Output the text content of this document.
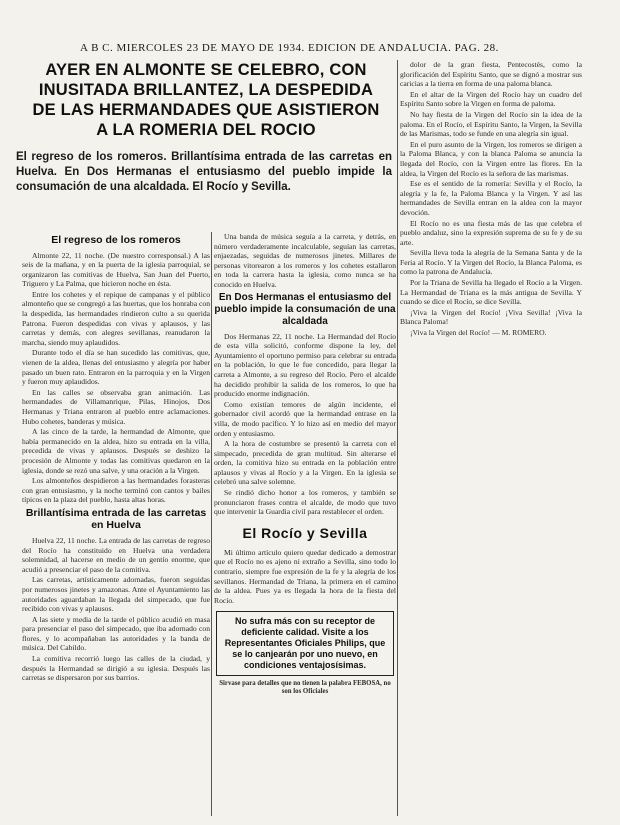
A B C. MIERCOLES 23 DE MAYO DE 1934. EDICION DE ANDALUCIA. PAG. 28.
AYER EN ALMONTE SE CELEBRO, CON
INUSITADA BRILLANTEZ, LA DESPEDIDA
DE LAS HERMANDADES QUE ASISTIERON
A LA ROMERIA DEL ROCIO
El regreso de los romeros. Brillantísima entrada de las carretas en Huelva. En Dos Hermanas el entusiasmo del pueblo impide la consumación de una alcaldada. El Rocío y Sevilla.
El regreso de los romeros

Almonte 22, 11 noche. (De nuestro corresponsal.) A las seis de la mañana, y en la puerta de la iglesia parroquial, se organizaron las comitivas de Huelva, San Juan del Puerto, Triguero y La Palma, que hicieron noche en ésta.

Entre los cohetes y el repique de campanas y el público almonteño que se congregó a las huertas, que los honraba con la despedida, las hermandades rindieron culto a su querida Patrona. Fueron despedidas con vivas y aplausos, y las carretas y demás, con alegres sevillanas, reanudaron la marcha, siendo muy aplaudidos.

Durante todo el día se han sucedido las comitivas, que, vienen de la aldea, llenas del entusiasmo y alegría por haber pasado un buen rato. Entraron en la parroquia y en la Virgen y fueron muy aplaudidos.

En las calles se observaba gran animación. Las hermandades de Villamanrique, Pilas, Hinojos, Dos Hermanas y Triana entraron al pueblo entre aclamaciones. Hubo cohetes, banderas y música.

A las cinco de la tarde, la hermandad de Almonte, que había permanecido en la aldea, hizo su entrada en la villa, precedida de vivas y aplausos. Después se deshizo la procesión de Almonte y todas las comitivas quedaron en la iglesia, donde se rezó una salve, y una oración a la Virgen.

Los almonteños despidieron a las hermandades forasteras con gran entusiasmo, y la noche terminó con cantos y bailes típicos en la plaza del pueblo, hasta altas horas.

Brillantísima entrada de las carretas en Huelva

Huelva 22, 11 noche. La entrada de las carretas de regreso del Rocío ha constituido en Huelva una verdadera solemnidad, al hacerse en medio de un gentío enorme, que acudió a presenciar el paso de la comitiva.

Las carretas, artísticamente adornadas, fueron seguidas por numerosos jinetes y amazonas. Ante el Ayuntamiento las autoridades aguardaban la llegada del simpecado, que fue recibido con vivas y aplausos.

A las siete y media de la tarde el público acudió en masa para presenciar el paso del simpecado, que iba adornado con flores, y lo acompañaban las autoridades y la banda de música. Del Cabildo.

La comitiva recorrió luego las calles de la ciudad, y después la Hermandad se dirigió a su iglesia. Después las carretas se dispersaron por sus barrios.

Una banda de música seguía a la carreta, y detrás, en número verdaderamente incalculable, seguían las carretas, enjaezadas, seguidas de numerosos jinetes. Millares de personas vitorearon a los romeros y los cohetes estallaron en toda la carrera hasta la iglesia, como nunca se ha conocido en Huelva.

En Dos Hermanas el entusiasmo del pueblo impide la consumación de una alcaldada

Dos Hermanas 22, 11 noche. La Hermandad del Rocío de esta villa solicitó, conforme dispone la ley, del Ayuntamiento el oportuno permiso para celebrar su entrada en la población, lo que le fue concedido, para llegar la carreta a Almonte, a su regreso del Rocío. Pero el alcalde ha decidido prohibir la salida de los romeros, lo que ha producido enorme indignación.

Como existían temores de algún incidente, el gobernador civil acordó que la hermandad entrase en la villa, de modo pacífico. Y lo hizo así en medio del mayor orden y entusiasmo.

A la hora de costumbre se presentó la carreta con el simpecado, precedida de gran multitud. Sin alterarse el orden, la comitiva hizo su entrada en la población entre aplausos y vivas al Rocío y a la Virgen. En la iglesia se celebró una salve solemne.

Se rindió dicho honor a los romeros, y también se pronunciaron frases contra el alcalde, de modo que tuvo que intervenir la Guardia civil para restablecer el orden.

El Rocío y Sevilla

Mi último artículo quiero quedar dedicado a demostrar que el Rocío no es ajeno ni extraño a Sevilla, sino todo lo contrario, siempre fue expresión de la fe y la alegría de los sevillanos. Hermandad de Triana, la primera en el camino de la aldea. Pues ya es llegada la hora de la fiesta del Rocío.

No sufra más con su receptor de deficiente calidad. Visite a los Representantes Oficiales Philips, que se lo canjearán por uno nuevo, en condiciones ventajosísimas.
Sirvase para detalles que no tienen la palabra FEBOSA, no son los Oficiales

dolor de la gran fiesta, Pentecostés, como la glorificación del Espíritu Santo, que se dignó a mostrar sus caricias a la tierra en forma de una paloma blanca.

En el altar de la Virgen del Rocío hay un cuadro del Espíritu Santo sobre la Virgen en forma de paloma.

No hay fiesta de la Virgen del Rocío sin la idea de la paloma. En el Rocío, el Espíritu Santo, la Virgen, la Sevilla de las Marismas, todo se funde en una alegría sin igual.

En el puro asunto de la Virgen, los romeros se dirigen a la Paloma Blanca, y con la blanca Paloma se anuncia la llegada del Rocío, con la Virgen entre las flores. En la aldea, la Virgen del Rocío es la señora de las marismas.

Ese es el sentido de la romería: Sevilla y el Rocío, la alegría y la fe, la Paloma Blanca y la Virgen. Y así las hermandades de Sevilla entran en la aldea con la mayor devoción.

El Rocío no es una fiesta más de las que celebra el pueblo andaluz, sino la expresión suprema de su fe y de su arte.

Sevilla lleva toda la alegría de la Semana Santa y de la Feria al Rocío. Y la Virgen del Rocío, la Blanca Paloma, es como la patrona de Andalucía.

Por la Triana de Sevilla ha llegado el Rocío a la Virgen. La Hermandad de Triana es la más antigua de Sevilla. Y cuando se dice el Rocío, se dice Sevilla.

¡Viva la Virgen del Rocío! ¡Viva Sevilla! ¡Viva la Blanca Paloma!

¡Viva la Virgen del Rocío! — M. ROMERO.
